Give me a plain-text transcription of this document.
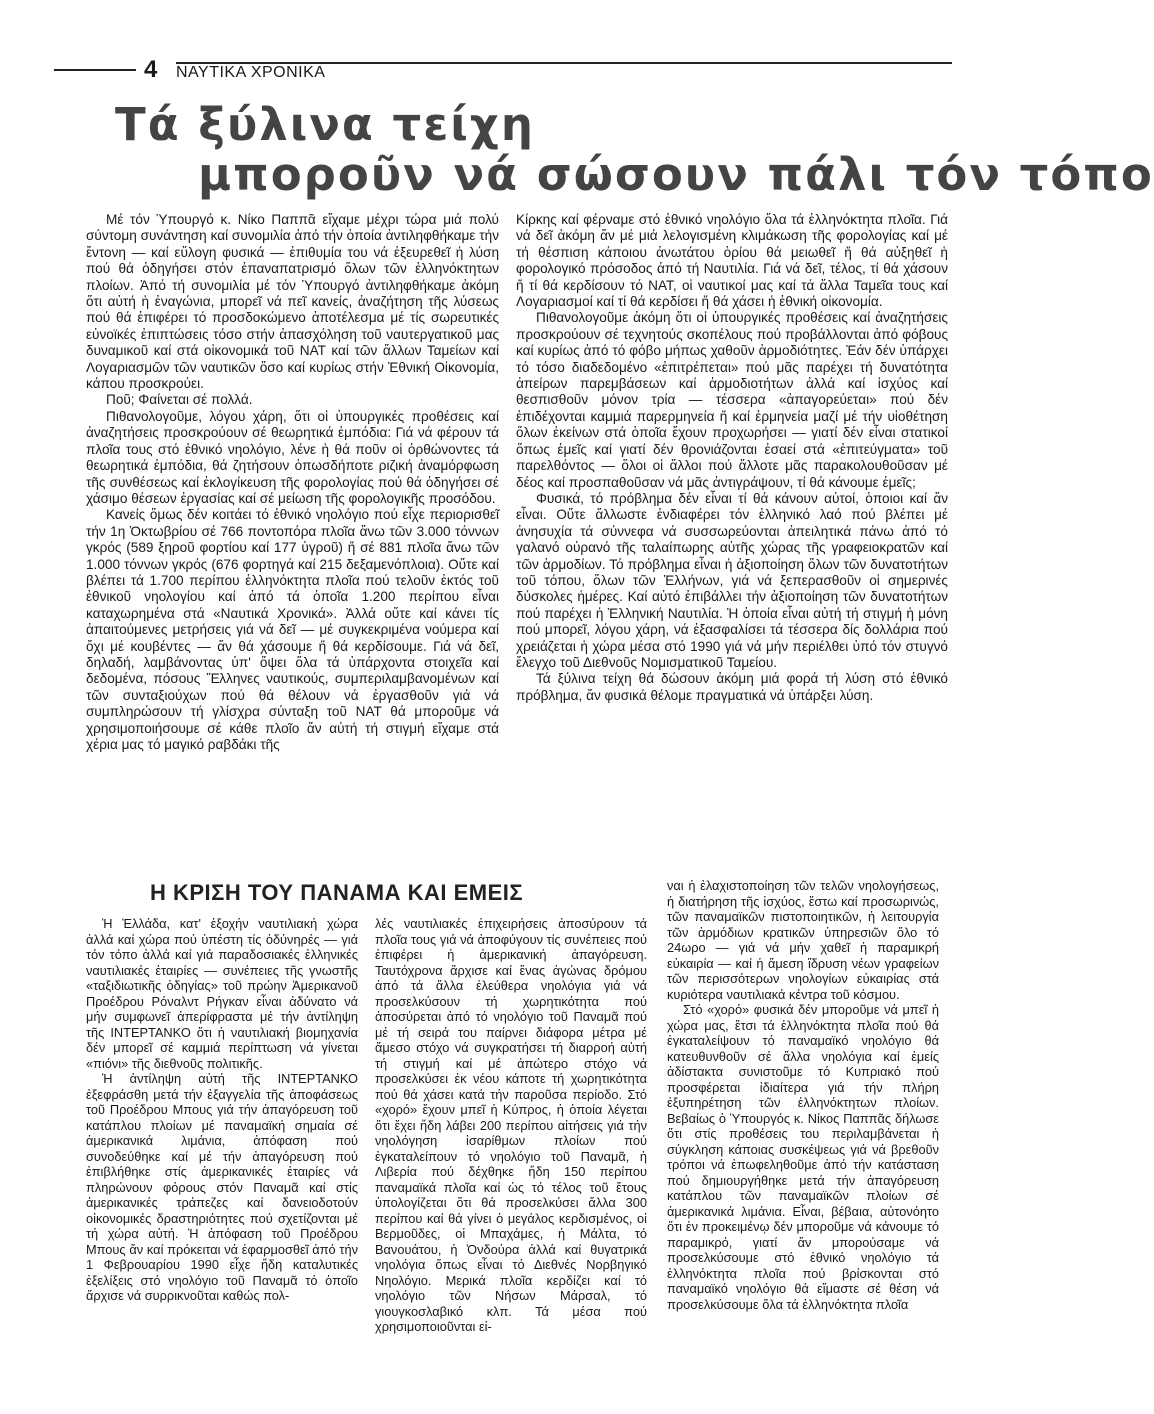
4 ΝΑΥΤΙΚΑ ΧΡΟΝΙΚΑ
Τά ξύλινα τείχη
μποροῦν νά σώσουν πάλι τόν τόπο

Μέ τόν Ὑπουργό κ. Νίκο Παππᾶ εἴχαμε μέχρι τώρα μιά πολύ σύντομη συνάντηση καί συνομιλία ἀπό τήν ὁποία ἀντιληφθήκαμε τήν ἔντονη — καί εὔλογη φυσικά — ἐπιθυμία του νά ἐξευρεθεῖ ἡ λύση πού θά ὁδηγήσει στόν ἐπαναπατρισμό ὅλων τῶν ἑλληνόκτητων πλοίων. Ἀπό τή συνομιλία μέ τόν Ὑπουργό ἀντιληφθήκαμε ἀκόμη ὅτι αὐτή ἡ ἐναγώνια, μπορεῖ νά πεῖ κανείς, ἀναζήτηση τῆς λύσεως πού θά ἐπιφέρει τό προσδοκώμενο ἀποτέλεσμα μέ τίς σωρευτικές εὐνοϊκές ἐπιπτώσεις τόσο στήν ἀπασχόληση τοῦ ναυτεργατικοῦ μας δυναμικοῦ καί στά οἰκονομικά τοῦ ΝΑΤ καί τῶν ἄλλων Ταμείων καί Λογαριασμῶν τῶν ναυτικῶν ὅσο καί κυρίως στήν Ἐθνική Οἰκονομία, κάπου προσκρούει.

Ποῦ; Φαίνεται σέ πολλά.

Πιθανολογοῦμε, λόγου χάρη, ὅτι οἱ ὑπουργικές προθέσεις καί ἀναζητήσεις προσκρούουν σέ θεωρητικά ἐμπόδια: Γιά νά φέρουν τά πλοῖα τους στό ἐθνικό νηολόγιο, λένε ἡ θά ποῦν οἱ ὀρθώνοντες τά θεωρητικά ἐμπόδια, θά ζητήσουν ὁπωσδήποτε ριζική ἀναμόρφωση τῆς συνθέσεως καί ἐκλογίκευση τῆς φορολογίας πού θά ὁδηγήσει σέ χάσιμο θέσεων ἐργασίας καί σέ μείωση τῆς φορολογικῆς προσόδου.

Κανείς ὅμως δέν κοιτάει τό ἐθνικό νηολόγιο πού εἶχε περιορισθεῖ τήν 1η Ὀκτωβρίου σέ 766 ποντοπόρα πλοῖα ἄνω τῶν 3.000 τόννων γκρός (589 ξηροῦ φορτίου καί 177 ὑγροῦ) ἤ σέ 881 πλοῖα ἄνω τῶν 1.000 τόννων γκρός (676 φορτηγά καί 215 δεξαμενόπλοια). Οὔτε καί βλέπει τά 1.700 περίπου ἑλληνόκτητα πλοῖα πού τελοῦν ἐκτός τοῦ ἐθνικοῦ νηολογίου καί ἀπό τά ὁποῖα 1.200 περίπου εἶναι καταχωρημένα στά «Ναυτικά Χρονικά». Ἀλλά οὔτε καί κάνει τίς ἀπαιτούμενες μετρήσεις γιά νά δεῖ — μέ συγκεκριμένα νούμερα καί ὄχι μέ κουβέντες — ἄν θά χάσουμε ἤ θά κερδίσουμε. Γιά νά δεῖ, δηλαδή, λαμβάνοντας ὑπ' ὄψει ὅλα τά ὑπάρχοντα στοιχεῖα καί δεδομένα, πόσους Ἕλληνες ναυτικούς, συμπεριλαμβανομένων καί τῶν συνταξιούχων πού θά θέλουν νά ἐργασθοῦν γιά νά συμπληρώσουν τή γλίσχρα σύνταξη τοῦ ΝΑΤ θά μποροῦμε νά χρησιμοποιήσουμε σέ κάθε πλοῖο ἄν αὐτή τή στιγμή εἴχαμε στά χέρια μας τό μαγικό ραβδάκι τῆς

Κίρκης καί φέρναμε στό ἐθνικό νηολόγιο ὅλα τά ἑλληνόκτητα πλοῖα. Γιά νά δεῖ ἀκόμη ἄν μέ μιά λελογισμένη κλιμάκωση τῆς φορολογίας καί μέ τή θέσπιση κάποιου ἀνωτάτου ὁρίου θά μειωθεῖ ἤ θά αὐξηθεῖ ἡ φορολογικό πρόσοδος ἀπό τή Ναυτιλία. Γιά νά δεῖ, τέλος, τί θά χάσουν ἤ τί θά κερδίσουν τό ΝΑΤ, οἱ ναυτικοί μας καί τά ἄλλα Ταμεῖα τους καί Λογαριασμοί καί τί θά κερδίσει ἤ θά χάσει ἡ ἐθνική οἰκονομία.

Πιθανολογοῦμε ἀκόμη ὅτι οἱ ὑπουργικές προθέσεις καί ἀναζητήσεις προσκρούουν σέ τεχνητούς σκοπέλους πού προβάλλονται ἀπό φόβους καί κυρίως ἀπό τό φόβο μήπως χαθοῦν ἁρμοδιότητες. Ἐάν δέν ὑπάρχει τό τόσο διαδεδομένο «ἐπιτρέπεται» πού μᾶς παρέχει τή δυνατότητα ἀπείρων παρεμβάσεων καί ἁρμοδιοτήτων ἀλλά καί ἰσχύος καί θεσπισθοῦν μόνον τρία — τέσσερα «ἀπαγορεύεται» πού δέν ἐπιδέχονται καμμιά παρερμηνεία ἤ καί ἑρμηνεία μαζί μέ τήν υἱοθέτηση ὅλων ἐκείνων στά ὁποῖα ἔχουν προχωρήσει — γιατί δέν εἶναι στατικοί ὅπως ἐμεῖς καί γιατί δέν θρονιάζονται ἐσαεί στά «ἐπιτεύγματα» τοῦ παρελθόντος — ὅλοι οἱ ἄλλοι πού ἄλλοτε μᾶς παρακολουθοῦσαν μέ δέος καί προσπαθοῦσαν νά μᾶς ἀντιγράψουν, τί θά κάνουμε ἐμεῖς;

Φυσικά, τό πρόβλημα δέν εἶναι τί θά κάνουν αὐτοί, ὁποιοι καί ἄν εἶναι. Οὔτε ἄλλωστε ἐνδιαφέρει τόν ἑλληνικό λαό πού βλέπει μέ ἀνησυχία τά σύννεφα νά συσσωρεύονται ἀπειλητικά πάνω ἀπό τό γαλανό οὐρανό τῆς ταλαίπωρης αὐτῆς χώρας τῆς γραφειοκρατῶν καί τῶν ἁρμοδίων. Τό πρόβλημα εἶναι ἡ ἀξιοποίηση ὅλων τῶν δυνατοτήτων τοῦ τόπου, ὅλων τῶν Ἑλλήνων, γιά νά ξεπερασθοῦν οἱ σημερινές δύσκολες ἡμέρες. Καί αὐτό ἐπιβάλλει τήν ἀξιοποίηση τῶν δυνατοτήτων πού παρέχει ἡ Ἑλληνική Ναυτιλία. Ἡ ὁποία εἶναι αὐτή τή στιγμή ἡ μόνη πού μπορεῖ, λόγου χάρη, νά ἐξασφαλίσει τά τέσσερα δίς δολλάρια πού χρειάζεται ἡ χώρα μέσα στό 1990 γιά νά μήν περιέλθει ὑπό τόν στυγνό ἔλεγχο τοῦ Διεθνοῦς Νομισματικοῦ Ταμείου.

Τά ξύλινα τείχη θά δώσουν ἀκόμη μιά φορά τή λύση στό ἐθνικό πρόβλημα, ἄν φυσικά θέλομε πραγματικά νά ὑπάρξει λύση.

Η ΚΡΙΣΗ ΤΟΥ ΠΑΝΑΜΑ ΚΑΙ ΕΜΕΙΣ

Ἡ Ἑλλάδα, κατ' ἐξοχήν ναυτιλιακή χώρα ἀλλά καί χώρα πού ὑπέστη τίς ὀδύνηρές — γιά τόν τόπο ἀλλά καί γιά παραδοσιακές ἑλληνικές ναυτιλιακές ἑταιρίες — συνέπειες τῆς γνωστῆς «ταξιδιωτικῆς ὁδηγίας» τοῦ πρώην Ἀμερικανοῦ Προέδρου Ρόναλντ Ρήγκαν εἶναι ἀδύνατο νά μήν συμφωνεῖ ἀπερίφραστα μέ τήν ἀντίληψη τῆς ΙΝΤΕΡΤΑΝΚΟ ὅτι ἡ ναυτιλιακή βιομηχανία δέν μπορεῖ σέ καμμιά περίπτωση νά γίνεται «πιόνι» τῆς διεθνοῦς πολιτικῆς.

Ἡ ἀντίληψη αὐτή τῆς ΙΝΤΕΡΤΑΝΚΟ ἐξεφράσθη μετά τήν ἐξαγγελία τῆς ἀποφάσεως τοῦ Προέδρου Μπους γιά τήν ἀπαγόρευση τοῦ κατάπλου πλοίων μέ παναμαϊκή σημαία σέ ἀμερικανικά λιμάνια, ἀπόφαση πού συνοδεύθηκε καί μέ τήν ἀπαγόρευση πού ἐπιβλήθηκε στίς ἀμερικανικές ἑταιρίες νά πληρώνουν φόρους στόν Παναμᾶ καί στίς ἀμερικανικές τράπεζες καί δανειοδοτούν οἰκονομικές δραστηριότητες πού σχετίζονται μέ τή χώρα αὐτή. Ἡ ἀπόφαση τοῦ Προέδρου Μπους ἄν καί πρόκειται νά ἐφαρμοσθεῖ ἀπό τήν 1 Φεβρουαρίου 1990 εἶχε ἤδη καταλυτικές ἐξελίξεις στό νηολόγιο τοῦ Παναμᾶ τό ὁποῖο ἄρχισε νά συρρικνοῦται καθώς πολ-

λές ναυτιλιακές ἐπιχειρήσεις ἀποσύρουν τά πλοῖα τους γιά νά ἀποφύγουν τίς συνέπειες πού ἐπιφέρει ἡ ἀμερικανική ἀπαγόρευση. Ταυτόχρονα ἄρχισε καί ἕνας ἀγώνας δρόμου ἀπό τά ἄλλα ἐλεύθερα νηολόγια γιά νά προσελκύσουν τή χωρητικότητα πού ἀποσύρεται ἀπό τό νηολόγιο τοῦ Παναμᾶ πού μέ τή σειρά του παίρνει διάφορα μέτρα μέ ἄμεσο στόχο νά συγκρατήσει τή διαρροή αὐτή τή στιγμή καί μέ ἀπώτερο στόχο νά προσελκύσει ἐκ νέου κάποτε τή χωρητικότητα πού θά χάσει κατά τήν παροῦσα περίοδο. Στό «χορό» ἔχουν μπεῖ ἡ Κύπρος, ἡ ὁποία λέγεται ὅτι ἔχει ἤδη λάβει 200 περίπου αἰτήσεις γιά τήν νηολόγηση ἰσαρίθμων πλοίων πού ἐγκαταλείπουν τό νηολόγιο τοῦ Παναμᾶ, ἡ Λιβερία πού δέχθηκε ἤδη 150 περίπου παναμαϊκά πλοῖα καί ὡς τό τέλος τοῦ ἔτους ὑπολογίζεται ὅτι θά προσελκύσει ἄλλα 300 περίπου καί θά γίνει ὁ μεγάλος κερδισμένος, οἱ Βερμοῦδες, οἱ Μπαχάμες, ἡ Μάλτα, τό Βανουάτου, ἡ Ὀνδούρα ἀλλά καί θυγατρικά νηολόγια ὅπως εἶναι τό Διεθνές Νορβηγικό Νηολόγιο. Μερικά πλοῖα κερδίζει καί τό νηολόγιο τῶν Νήσων Μάρσαλ, τό γιουγκοσλαβικό κλπ. Τά μέσα πού χρησιμοποιοῦνται εἰ-

ναι ἡ ἐλαχιστοποίηση τῶν τελῶν νηολογήσεως, ἡ διατήρηση τῆς ἰσχύος, ἔστω καί προσωρινώς, τῶν παναμαϊκῶν πιστοποιητικῶν, ἡ λειτουργία τῶν ἁρμόδιων κρατικῶν ὑπηρεσιῶν ὅλο τό 24ωρο — γιά νά μήν χαθεῖ ἡ παραμικρή εὐκαιρία — καί ἡ ἄμεση ἵδρυση νέων γραφείων τῶν περισσότερων νηολογίων εὐκαιρίας στά κυριότερα ναυτιλιακά κέντρα τοῦ κόσμου.

Στό «χορό» φυσικά δέν μποροῦμε νά μπεῖ ἡ χώρα μας, ἔτσι τά ἑλληνόκτητα πλοῖα πού θά ἐγκαταλείψουν τό παναμαϊκό νηολόγιο θά κατευθυνθοῦν σέ ἄλλα νηολόγια καί ἐμείς ἀδίστακτα συνιστοῦμε τό Κυπριακό πού προσφέρεται ἰδιαίτερα γιά τήν πλήρη ἐξυπηρέτηση τῶν ἑλληνόκτητων πλοίων. Βεβαίως ὁ Ὑπουργός κ. Νίκος Παππᾶς δήλωσε ὅτι στίς προθέσεις του περιλαμβάνεται ἡ σύγκληση κάποιας συσκέψεως γιά νά βρεθοῦν τρόποι νά ἐπωφεληθοῦμε ἀπό τήν κατάσταση πού δημιουργήθηκε μετά τήν ἀπαγόρευση κατάπλου τῶν παναμαϊκῶν πλοίων σέ ἀμερικανικά λιμάνια. Εἶναι, βέβαια, αὐτονόητο ὅτι ἐν προκειμένῳ δέν μποροῦμε νά κάνουμε τό παραμικρό, γιατί ἄν μπορούσαμε νά προσελκύσουμε στό ἐθνικό νηολόγιο τά ἑλληνόκτητα πλοῖα πού βρίσκονται στό παναμαϊκό νηολόγιο θά εἴμαστε σέ θέση νά προσελκύσουμε ὅλα τά ἑλληνόκτητα πλοῖα
